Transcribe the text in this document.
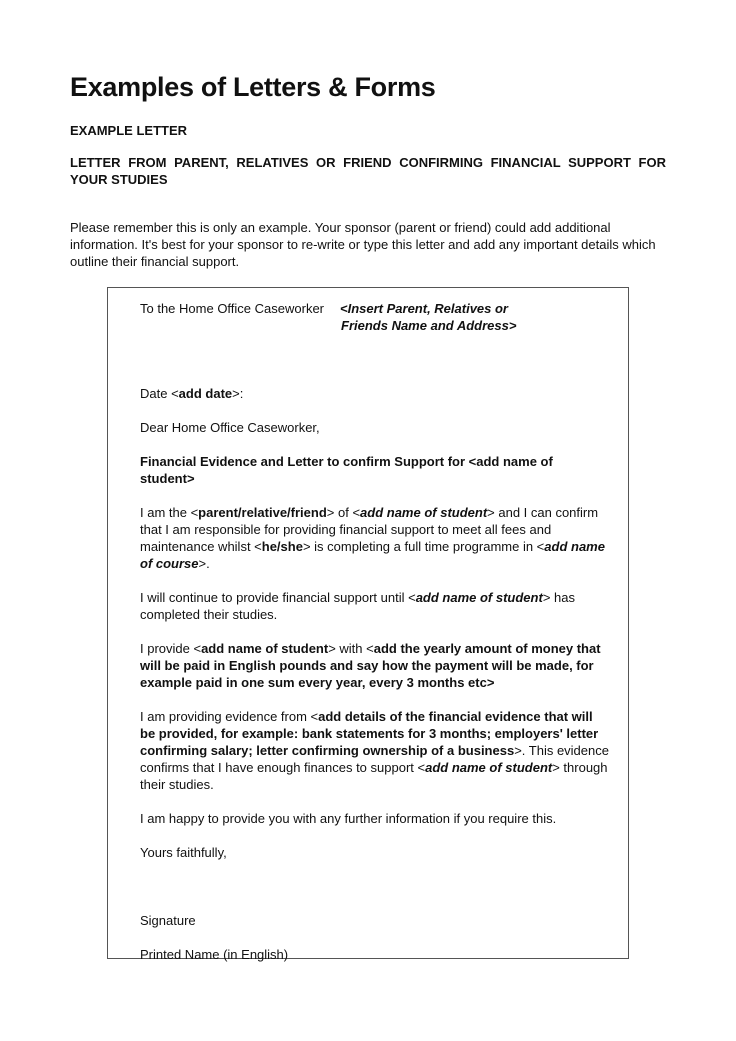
Examples of Letters & Forms

EXAMPLE LETTER

LETTER FROM PARENT, RELATIVES OR FRIEND CONFIRMING FINANCIAL SUPPORT FOR YOUR STUDIES

Please remember this is only an example. Your sponsor (parent or friend) could add additional information. It's best for your sponsor to re-write or type this letter and add any important details which outline their financial support.

To the Home Office Caseworker	<Insert Parent, Relatives or
Friends Name and Address>

Date <add date>:

Dear Home Office Caseworker,

Financial Evidence and Letter to confirm Support for <add name of student>

I am the <parent/relative/friend> of <add name of student> and I can confirm that I am responsible for providing financial support to meet all fees and maintenance whilst <he/she> is completing a full time programme in <add name of course>.

I will continue to provide financial support until <add name of student> has completed their studies.

I provide <add name of student> with <add the yearly amount of money that will be paid in English pounds and say how the payment will be made, for example paid in one sum every year, every 3 months etc>

I am providing evidence from <add details of the financial evidence that will be provided, for example: bank statements for 3 months; employers' letter confirming salary; letter confirming ownership of a business>. This evidence confirms that I have enough finances to support <add name of student> through their studies.

I am happy to provide you with any further information if you require this.

Yours faithfully,

Signature

Printed Name (in English)
